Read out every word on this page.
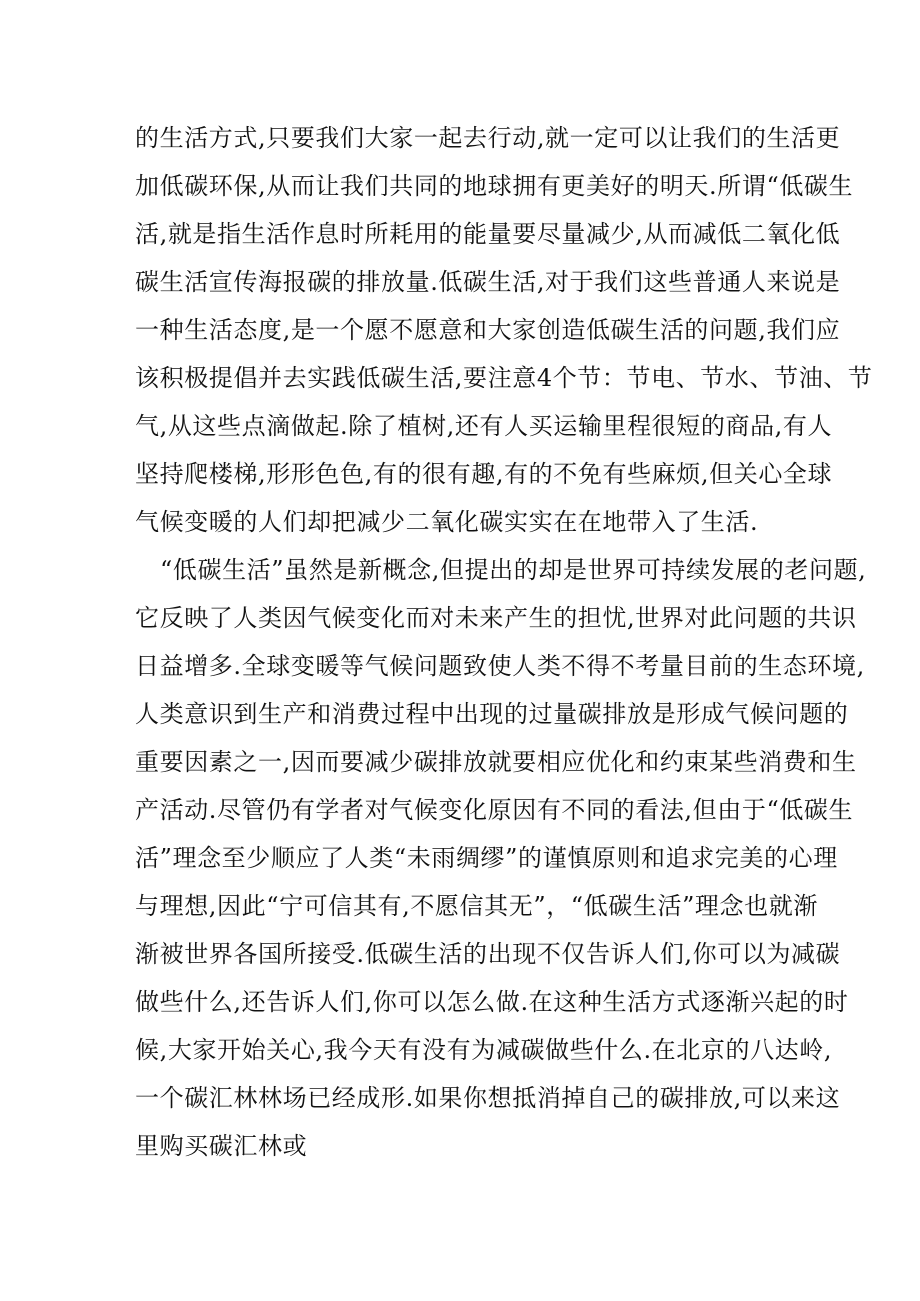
的生活方式,只要我们大家一起去行动,就一定可以让我们的生活更
加低碳环保,从而让我们共同的地球拥有更美好的明天.所谓“低碳生
活,就是指生活作息时所耗用的能量要尽量减少,从而减低二氧化低
碳生活宣传海报碳的排放量.低碳生活,对于我们这些普通人来说是
一种生活态度,是一个愿不愿意和大家创造低碳生活的问题,我们应
该积极提倡并去实践低碳生活,要注意4个节：节电、节水、节油、节
气,从这些点滴做起.除了植树,还有人买运输里程很短的商品,有人
坚持爬楼梯,形形色色,有的很有趣,有的不免有些麻烦,但关心全球
气候变暖的人们却把减少二氧化碳实实在在地带入了生活.
“低碳生活”虽然是新概念,但提出的却是世界可持续发展的老问题,
它反映了人类因气候变化而对未来产生的担忧,世界对此问题的共识
日益增多.全球变暖等气候问题致使人类不得不考量目前的生态环境,
人类意识到生产和消费过程中出现的过量碳排放是形成气候问题的
重要因素之一,因而要减少碳排放就要相应优化和约束某些消费和生
产活动.尽管仍有学者对气候变化原因有不同的看法,但由于“低碳生
活”理念至少顺应了人类“未雨绸缪”的谨慎原则和追求完美的心理
与理想,因此“宁可信其有,不愿信其无”，“低碳生活”理念也就渐
渐被世界各国所接受.低碳生活的出现不仅告诉人们,你可以为减碳
做些什么,还告诉人们,你可以怎么做.在这种生活方式逐渐兴起的时
候,大家开始关心,我今天有没有为减碳做些什么.在北京的八达岭,
一个碳汇林林场已经成形.如果你想抵消掉自己的碳排放,可以来这
里购买碳汇林或
